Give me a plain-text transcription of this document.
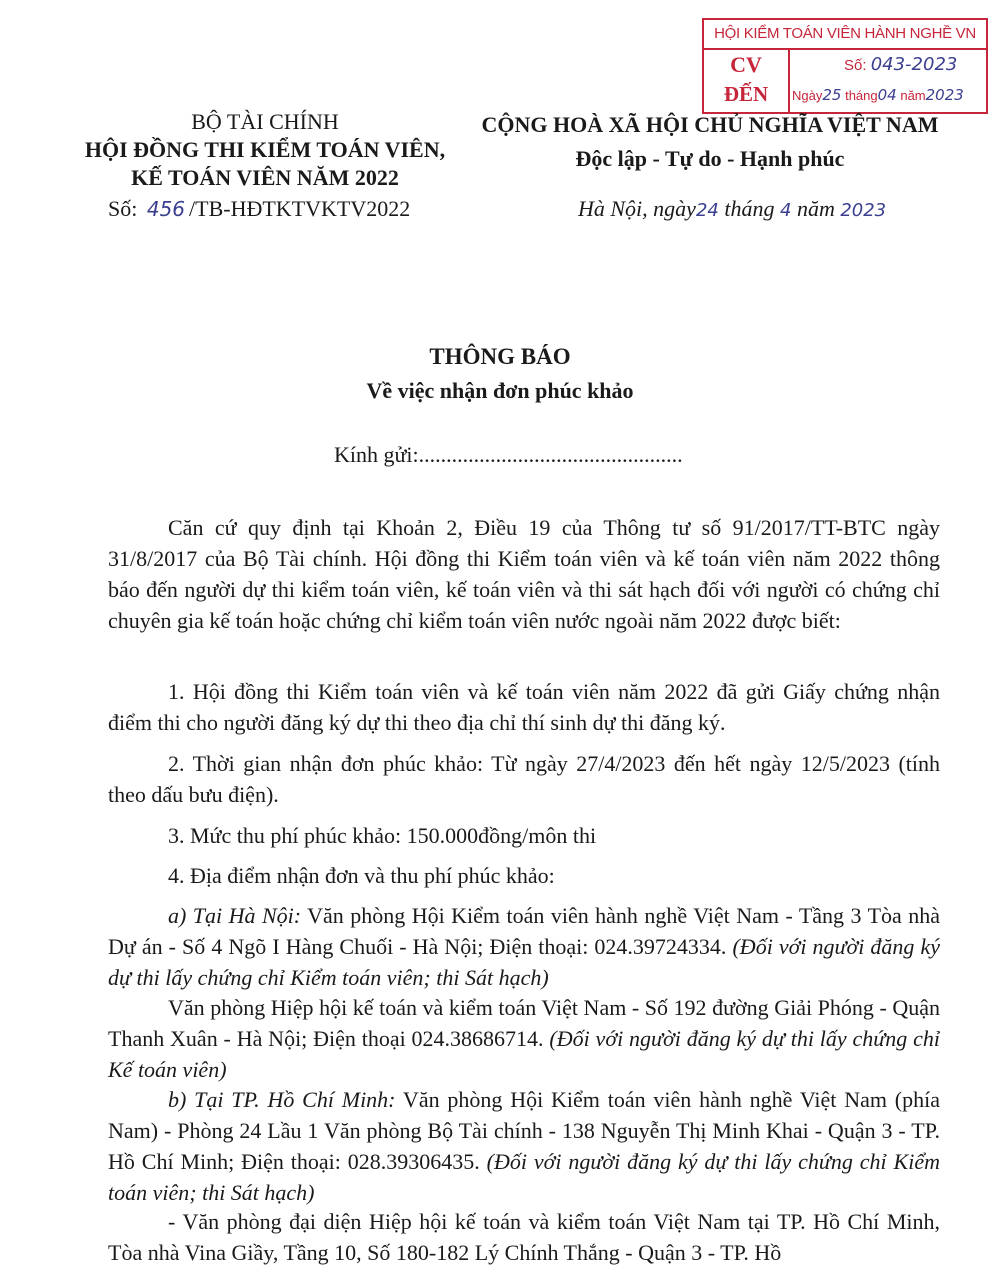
HỘI KIỂM TOÁN VIÊN HÀNH NGHỀ VN
CV
ĐẾN
Số: 043-2023
Ngày25 tháng04 năm2023
BỘ TÀI CHÍNH
HỘI ĐỒNG THI KIỂM TOÁN VIÊN,
KẾ TOÁN VIÊN NĂM 2022
Số: 456 /TB-HĐTKTVKTV2022
CỘNG HOÀ XÃ HỘI CHỦ NGHĨA VIỆT NAM
Độc lập - Tự do - Hạnh phúc
Hà Nội, ngày24 tháng 4 năm 2023
THÔNG BÁO
Về việc nhận đơn phúc khảo
Kính gửi:................................................
Căn cứ quy định tại Khoản 2, Điều 19 của Thông tư số 91/2017/TT-BTC ngày 31/8/2017 của Bộ Tài chính. Hội đồng thi Kiểm toán viên và kế toán viên năm 2022 thông báo đến người dự thi kiểm toán viên, kế toán viên và thi sát hạch đối với người có chứng chỉ chuyên gia kế toán hoặc chứng chỉ kiểm toán viên nước ngoài năm 2022 được biết:
1. Hội đồng thi Kiểm toán viên và kế toán viên năm 2022 đã gửi Giấy chứng nhận điểm thi cho người đăng ký dự thi theo địa chỉ thí sinh dự thi đăng ký.
2. Thời gian nhận đơn phúc khảo: Từ ngày 27/4/2023 đến hết ngày 12/5/2023 (tính theo dấu bưu điện).
3. Mức thu phí phúc khảo: 150.000đồng/môn thi
4. Địa điểm nhận đơn và thu phí phúc khảo:
a) Tại Hà Nội: Văn phòng Hội Kiểm toán viên hành nghề Việt Nam - Tầng 3 Tòa nhà Dự án - Số 4 Ngõ I Hàng Chuối - Hà Nội; Điện thoại: 024.39724334. (Đối với người đăng ký dự thi lấy chứng chỉ Kiểm toán viên; thi Sát hạch)
Văn phòng Hiệp hội kế toán và kiểm toán Việt Nam - Số 192 đường Giải Phóng - Quận Thanh Xuân - Hà Nội; Điện thoại 024.38686714. (Đối với người đăng ký dự thi lấy chứng chỉ Kế toán viên)
b) Tại TP. Hồ Chí Minh: Văn phòng Hội Kiểm toán viên hành nghề Việt Nam (phía Nam) - Phòng 24 Lầu 1 Văn phòng Bộ Tài chính - 138 Nguyễn Thị Minh Khai - Quận 3 - TP. Hồ Chí Minh; Điện thoại: 028.39306435. (Đối với người đăng ký dự thi lấy chứng chỉ Kiểm toán viên; thi Sát hạch)
- Văn phòng đại diện Hiệp hội kế toán và kiểm toán Việt Nam tại TP. Hồ Chí Minh, Tòa nhà Vina Giầy, Tầng 10, Số 180-182 Lý Chính Thắng - Quận 3 - TP. Hồ
